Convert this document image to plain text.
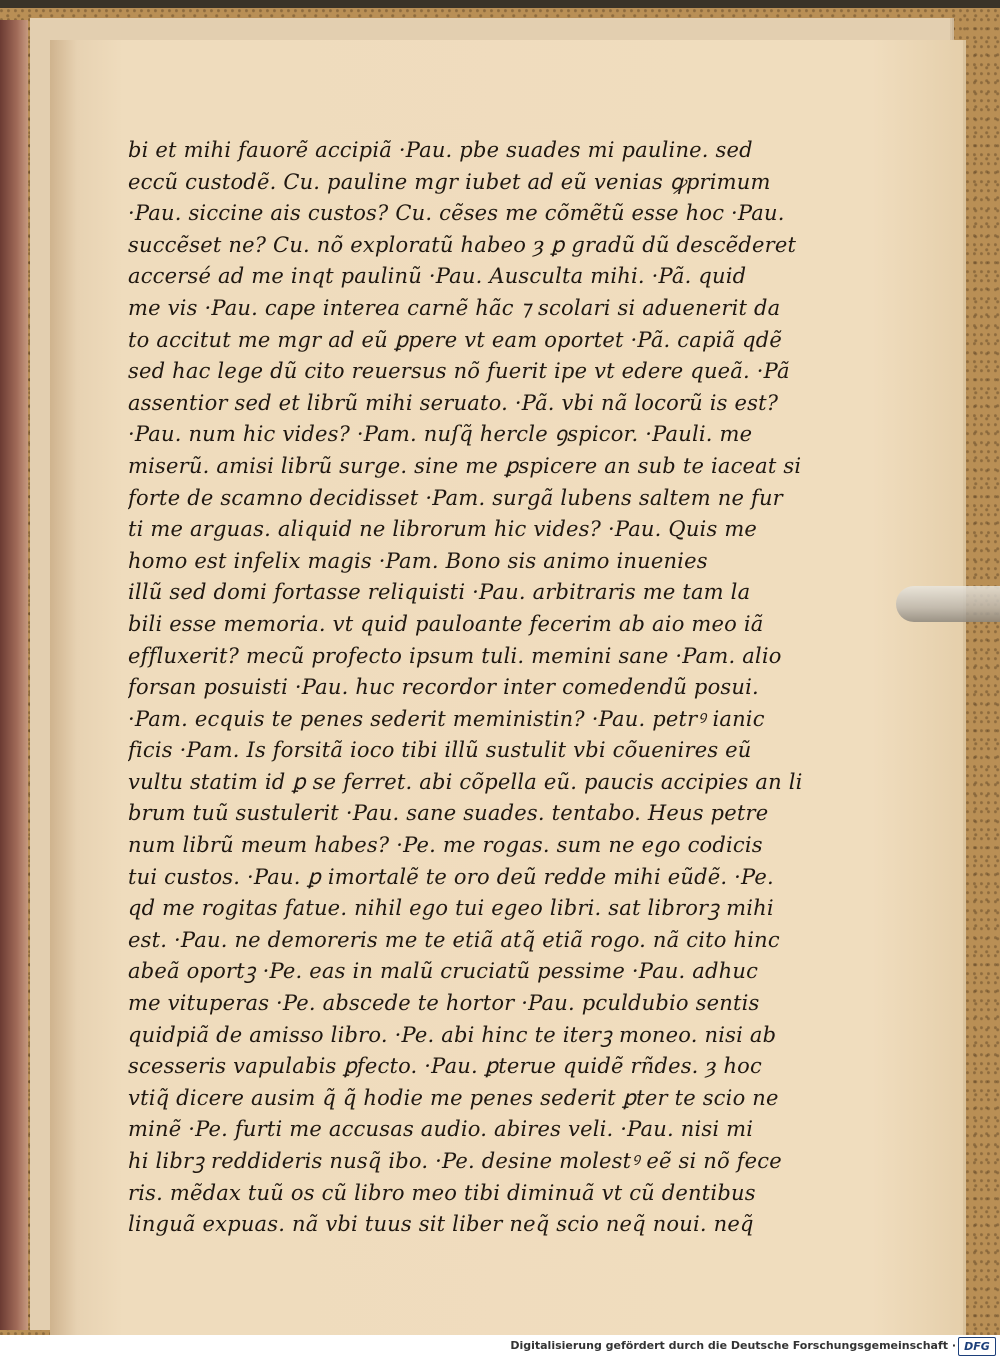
bi et mihi fauorẽ accipiã ·Pau. pbe suades mi pauline. sed
eccũ custodẽ. Cu. pauline mgr iubet ad eũ venias ꝙprimum
·Pau. siccine ais custos? Cu. cẽses me cõmẽtũ esse hoc ·Pau.
succẽset ne? Cu. nõ exploratũ habeo ȝ ꝑ gradũ dũ descẽderet
accersé ad me inqt paulinũ ·Pau. Ausculta mihi. ·Pã. quid
me vis ·Pau. cape interea carnẽ hãc ⁊ scolari si aduenerit da
to accitut me mgr ad eũ ꝑpere vt eam oportet ·Pã. capiã qdẽ
sed hac lege dũ cito reuersus nõ fuerit ipe vt edere queã. ·Pã
assentior sed et librũ mihi seruato. ·Pã. vbi nã locorũ is est?
·Pau. num hic vides? ·Pam. nuſq̃ hercle ꝯspicor. ·Pauli. me
miserũ. amisi librũ surge. sine me ꝑspicere an sub te iaceat si
forte de scamno decidisset ·Pam. surgã lubens saltem ne fur
ti me arguas. aliquid ne librorum hic vides? ·Pau. Quis me
homo est infelix magis ·Pam. Bono sis animo inuenies
illũ sed domi fortasse reliquisti ·Pau. arbitraris me tam la
bili esse memoria. vt quid pauloante fecerim ab aio meo iã
effluxerit? mecũ profecto ipsum tuli. memini sane ·Pam. alio
forsan posuisti ·Pau. huc recordor inter comedendũ posui.
·Pam. ecquis te penes sederit meministin? ·Pau. petrꝰ ianic
ficis ·Pam. Is forsitã ioco tibi illũ sustulit vbi cõuenires eũ
vultu statim id ꝑ se ferret. abi cõpella eũ. paucis accipies an li
brum tuũ sustulerit ·Pau. sane suades. tentabo. Heus petre
num librũ meum habes? ·Pe. me rogas. sum ne ego codicis
tui custos. ·Pau. ꝑ imortalẽ te oro deũ redde mihi eũdẽ. ·Pe.
qd me rogitas fatue. nihil ego tui egeo libri. sat librorꝫ mihi
est. ·Pau. ne demoreris me te etiã atq̃ etiã rogo. nã cito hinc
abeã oportꝫ ·Pe. eas in malũ cruciatũ pessime ·Pau. adhuc
me vituperas ·Pe. abscede te hortor ·Pau. pculdubio sentis
quidpiã de amisso libro. ·Pe. abi hinc te iterꝫ moneo. nisi ab
scesseris vapulabis ꝑfecto. ·Pau. ꝑterue quidẽ rñdes. ȝ hoc
vtiq̃ dicere ausim q̃ q̃ hodie me penes sederit ꝑter te scio ne
minẽ ·Pe. furti me accusas audio. abires veli. ·Pau. nisi mi
hi librꝫ reddideris nusq̃ ibo. ·Pe. desine molestꝰ eẽ si nõ fece
ris. mẽdax tuũ os cũ libro meo tibi diminuã vt cũ dentibus
linguã expuas. nã vbi tuus sit liber neq̃ scio neq̃ noui. neq̃
Digitalisierung gefördert durch die Deutsche Forschungsgemeinschaft · DFG
